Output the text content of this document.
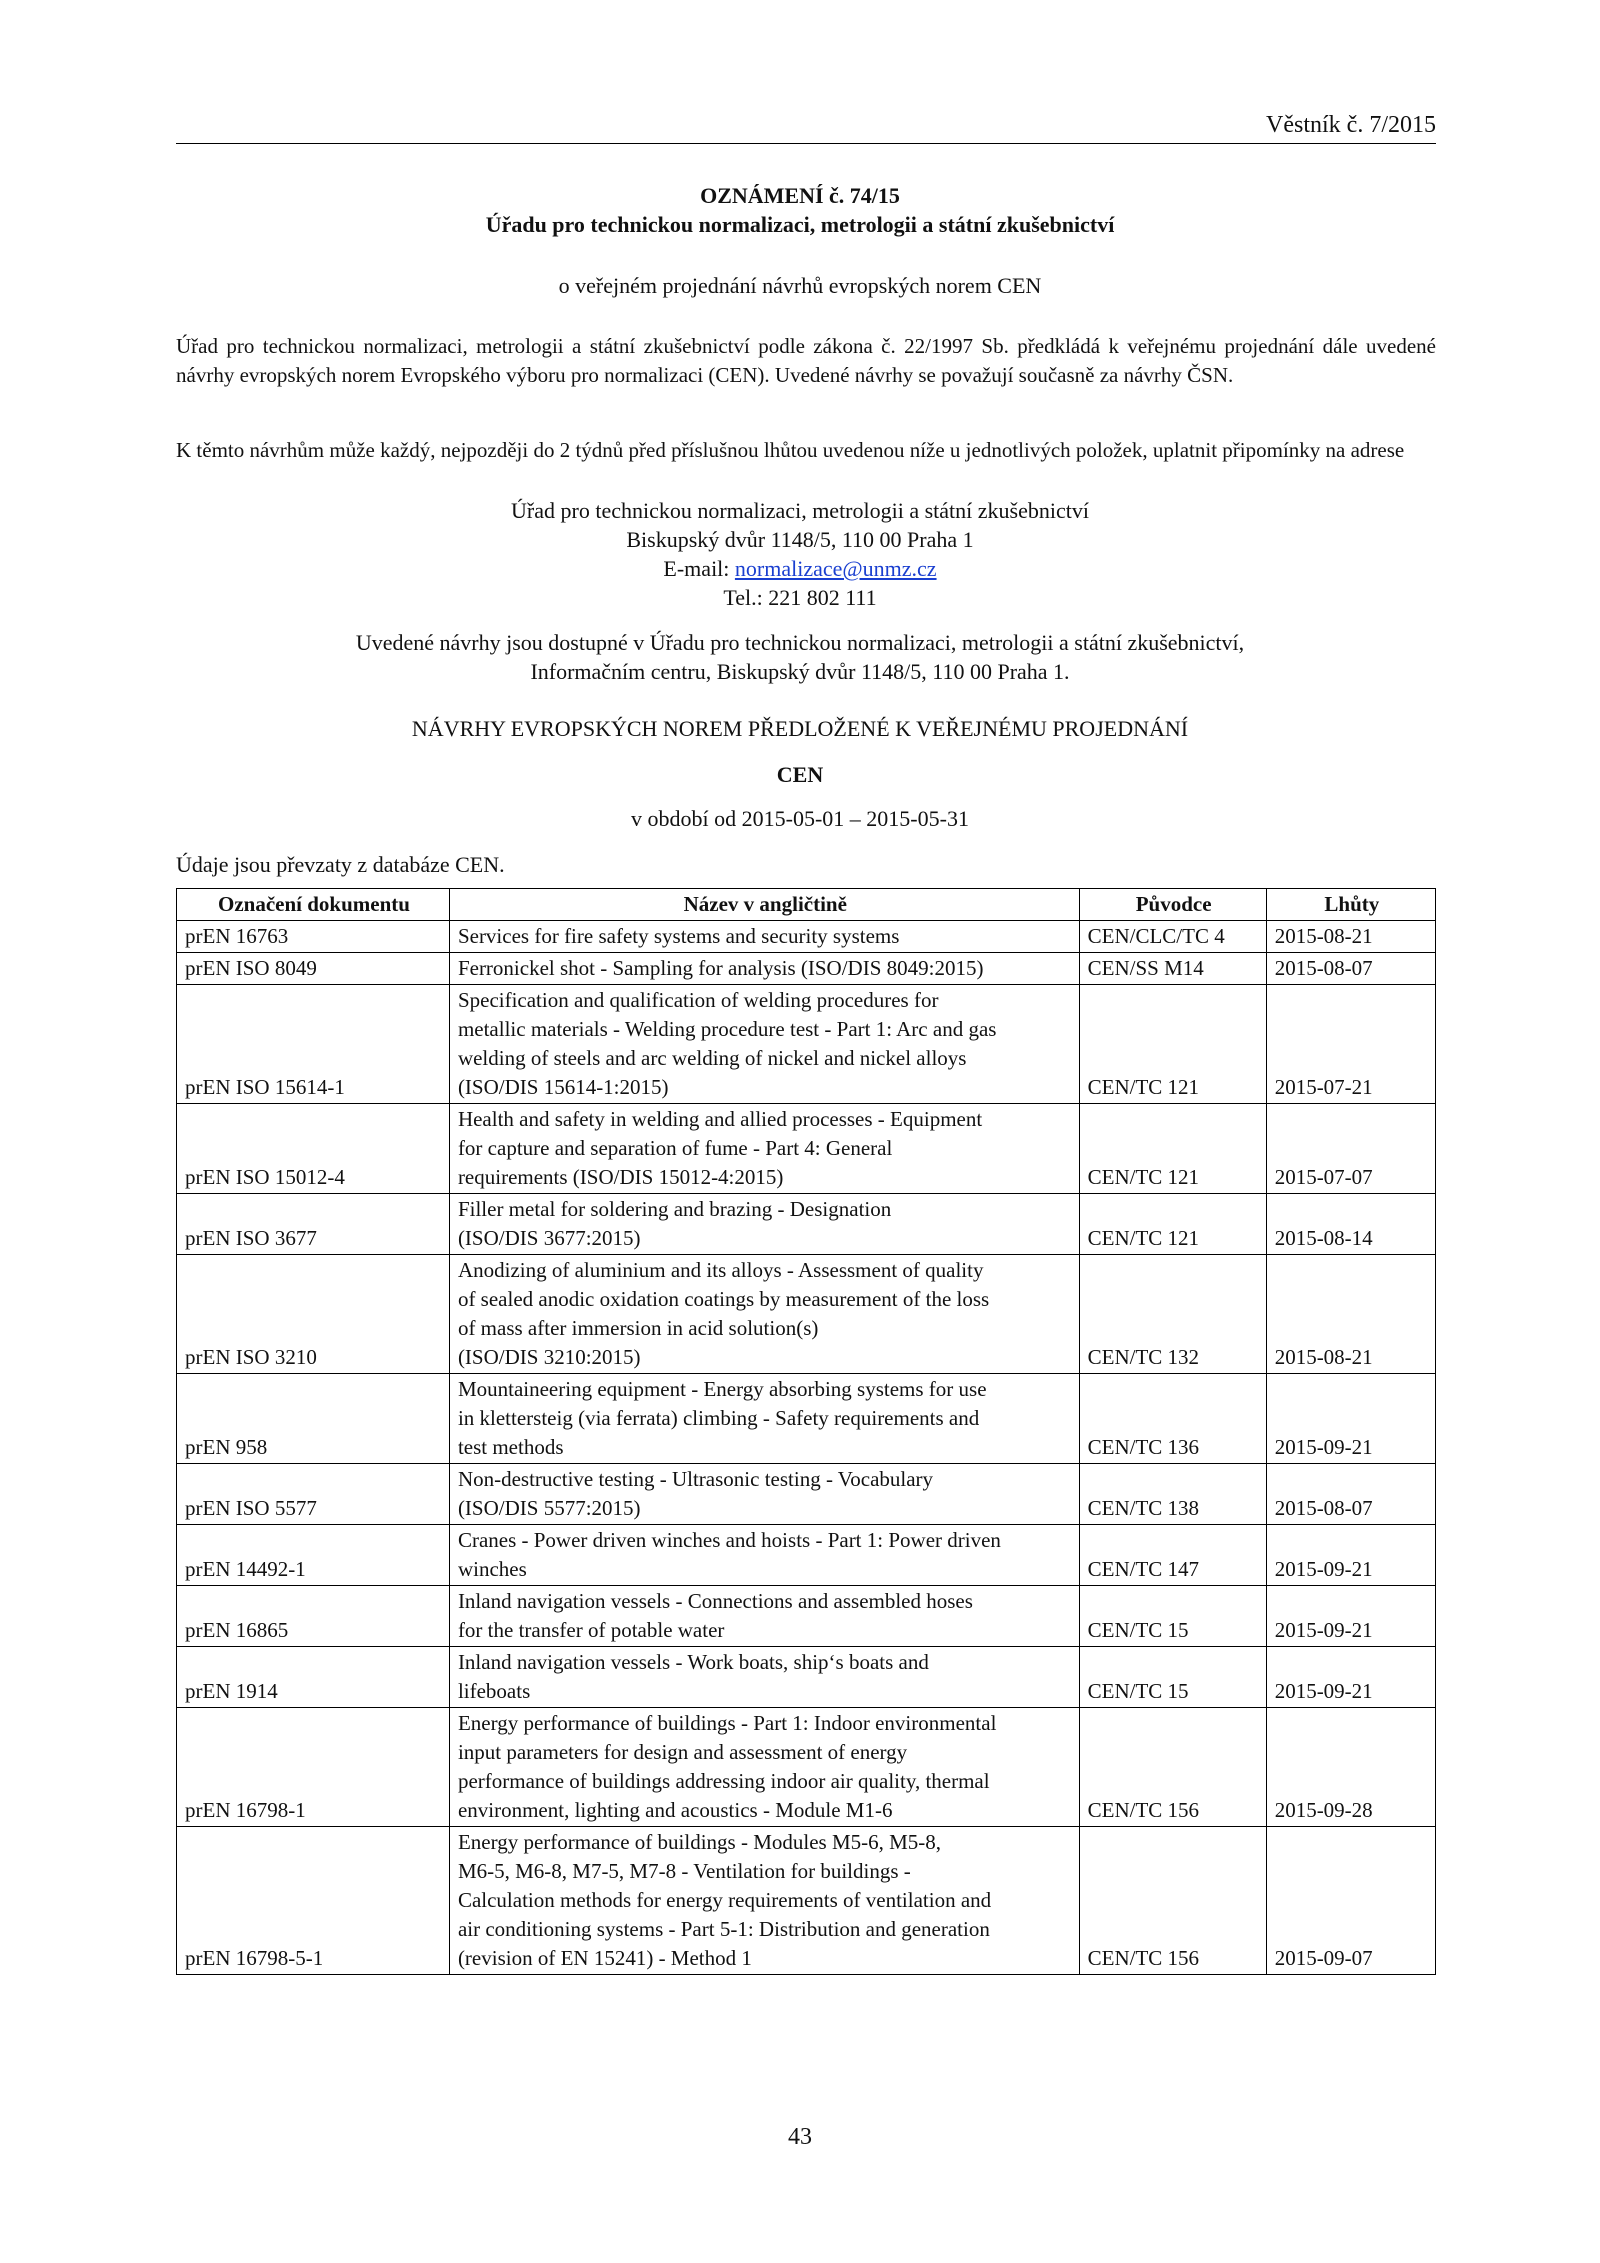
Věstník č. 7/2015
OZNÁMENÍ č. 74/15
Úřadu pro technickou normalizaci, metrologii a státní zkušebnictví
o veřejném projednání návrhů evropských norem CEN
Úřad pro technickou normalizaci, metrologii a státní zkušebnictví podle zákona č. 22/1997 Sb. předkládá k veřejnému projednání dále uvedené návrhy evropských norem Evropského výboru pro normalizaci (CEN). Uvedené návrhy se považují současně za návrhy ČSN.
K těmto návrhům může každý, nejpozději do 2 týdnů před příslušnou lhůtou uvedenou níže u jednotlivých položek, uplatnit připomínky na adrese
Úřad pro technickou normalizaci, metrologii a státní zkušebnictví
Biskupský dvůr 1148/5, 110 00 Praha 1
E-mail: normalizace@unmz.cz
Tel.: 221 802 111
Uvedené návrhy jsou dostupné v Úřadu pro technickou normalizaci, metrologii a státní zkušebnictví,
Informačním centru, Biskupský dvůr 1148/5, 110 00 Praha 1.
NÁVRHY EVROPSKÝCH NOREM PŘEDLOŽENÉ K VEŘEJNÉMU PROJEDNÁNÍ
CEN
v období od 2015-05-01 – 2015-05-31
Údaje jsou převzaty z databáze CEN.
Označení dokumentu	Název v angličtině	Původce	Lhůty
prEN 16763	Services for fire safety systems and security systems	CEN/CLC/TC 4	2015-08-21
prEN ISO 8049	Ferronickel shot - Sampling for analysis (ISO/DIS 8049:2015)	CEN/SS M14	2015-08-07
prEN ISO 15614-1	Specification and qualification of welding procedures for
metallic materials - Welding procedure test - Part 1: Arc and gas
welding of steels and arc welding of nickel and nickel alloys
(ISO/DIS 15614-1:2015)	CEN/TC 121	2015-07-21
prEN ISO 15012-4	Health and safety in welding and allied processes - Equipment
for capture and separation of fume - Part 4: General
requirements (ISO/DIS 15012-4:2015)	CEN/TC 121	2015-07-07
prEN ISO 3677	Filler metal for soldering and brazing - Designation
(ISO/DIS 3677:2015)	CEN/TC 121	2015-08-14
prEN ISO 3210	Anodizing of aluminium and its alloys - Assessment of quality
of sealed anodic oxidation coatings by measurement of the loss
of mass after immersion in acid solution(s)
(ISO/DIS 3210:2015)	CEN/TC 132	2015-08-21
prEN 958	Mountaineering equipment - Energy absorbing systems for use
in klettersteig (via ferrata) climbing - Safety requirements and
test methods	CEN/TC 136	2015-09-21
prEN ISO 5577	Non-destructive testing - Ultrasonic testing - Vocabulary
(ISO/DIS 5577:2015)	CEN/TC 138	2015-08-07
prEN 14492-1	Cranes - Power driven winches and hoists - Part 1: Power driven
winches	CEN/TC 147	2015-09-21
prEN 16865	Inland navigation vessels - Connections and assembled hoses
for the transfer of potable water	CEN/TC 15	2015-09-21
prEN 1914	Inland navigation vessels - Work boats, ship‘s boats and
lifeboats	CEN/TC 15	2015-09-21
prEN 16798-1	Energy performance of buildings - Part 1: Indoor environmental
input parameters for design and assessment of energy
performance of buildings addressing indoor air quality, thermal
environment, lighting and acoustics - Module M1-6	CEN/TC 156	2015-09-28
prEN 16798-5-1	Energy performance of buildings - Modules M5-6, M5-8,
M6-5, M6-8, M7-5, M7-8 - Ventilation for buildings -
Calculation methods for energy requirements of ventilation and
air conditioning systems - Part 5-1: Distribution and generation
(revision of EN 15241) - Method 1	CEN/TC 156	2015-09-07
43
